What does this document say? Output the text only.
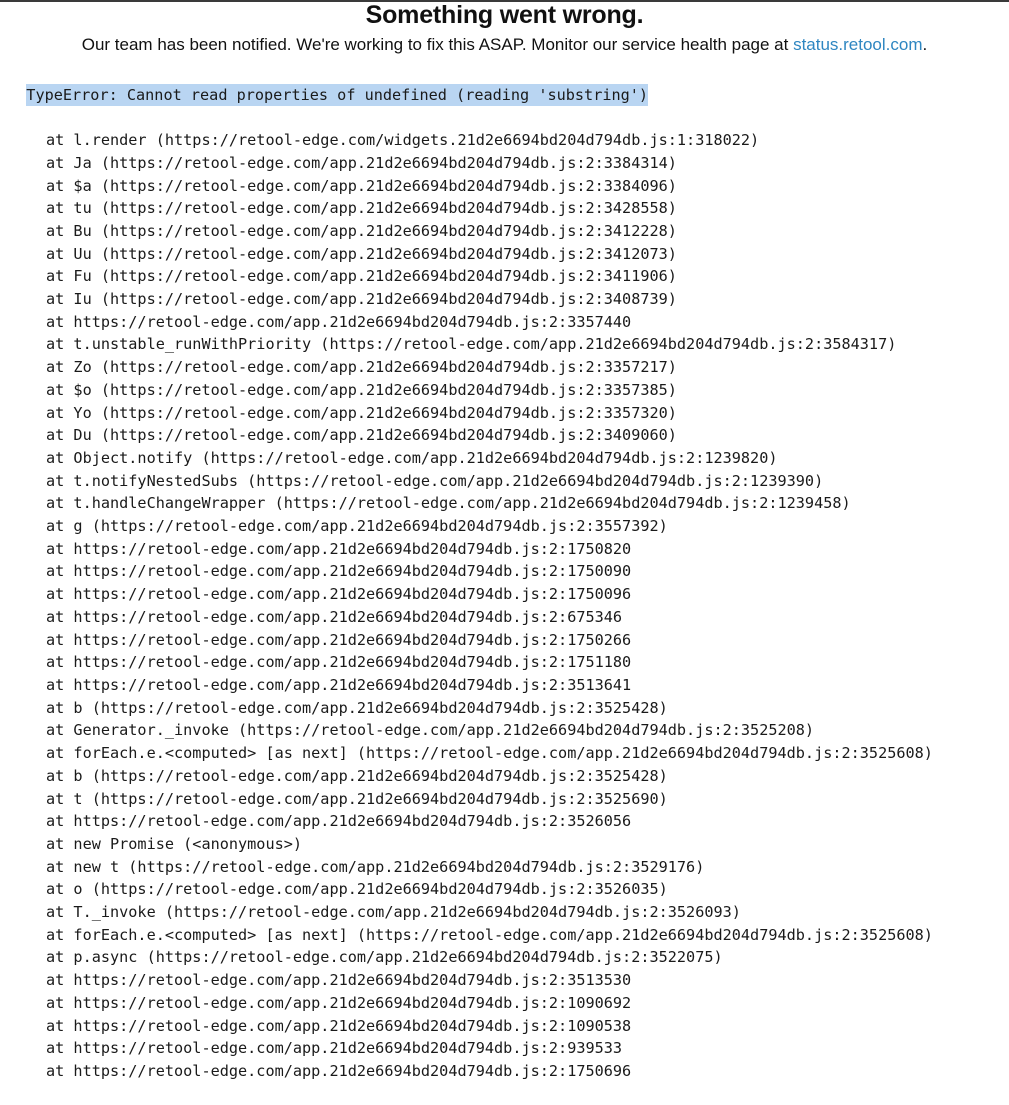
Something went wrong.

Our team has been notified. We're working to fix this ASAP. Monitor our service health page at status.retool.com.

TypeError: Cannot read properties of undefined (reading 'substring')

at l.render (https://retool-edge.com/widgets.21d2e6694bd204d794db.js:1:318022)
at Ja (https://retool-edge.com/app.21d2e6694bd204d794db.js:2:3384314)
at $a (https://retool-edge.com/app.21d2e6694bd204d794db.js:2:3384096)
at tu (https://retool-edge.com/app.21d2e6694bd204d794db.js:2:3428558)
at Bu (https://retool-edge.com/app.21d2e6694bd204d794db.js:2:3412228)
at Uu (https://retool-edge.com/app.21d2e6694bd204d794db.js:2:3412073)
at Fu (https://retool-edge.com/app.21d2e6694bd204d794db.js:2:3411906)
at Iu (https://retool-edge.com/app.21d2e6694bd204d794db.js:2:3408739)
at https://retool-edge.com/app.21d2e6694bd204d794db.js:2:3357440
at t.unstable_runWithPriority (https://retool-edge.com/app.21d2e6694bd204d794db.js:2:3584317)
at Zo (https://retool-edge.com/app.21d2e6694bd204d794db.js:2:3357217)
at $o (https://retool-edge.com/app.21d2e6694bd204d794db.js:2:3357385)
at Yo (https://retool-edge.com/app.21d2e6694bd204d794db.js:2:3357320)
at Du (https://retool-edge.com/app.21d2e6694bd204d794db.js:2:3409060)
at Object.notify (https://retool-edge.com/app.21d2e6694bd204d794db.js:2:1239820)
at t.notifyNestedSubs (https://retool-edge.com/app.21d2e6694bd204d794db.js:2:1239390)
at t.handleChangeWrapper (https://retool-edge.com/app.21d2e6694bd204d794db.js:2:1239458)
at g (https://retool-edge.com/app.21d2e6694bd204d794db.js:2:3557392)
at https://retool-edge.com/app.21d2e6694bd204d794db.js:2:1750820
at https://retool-edge.com/app.21d2e6694bd204d794db.js:2:1750090
at https://retool-edge.com/app.21d2e6694bd204d794db.js:2:1750096
at https://retool-edge.com/app.21d2e6694bd204d794db.js:2:675346
at https://retool-edge.com/app.21d2e6694bd204d794db.js:2:1750266
at https://retool-edge.com/app.21d2e6694bd204d794db.js:2:1751180
at https://retool-edge.com/app.21d2e6694bd204d794db.js:2:3513641
at b (https://retool-edge.com/app.21d2e6694bd204d794db.js:2:3525428)
at Generator._invoke (https://retool-edge.com/app.21d2e6694bd204d794db.js:2:3525208)
at forEach.e.<computed> [as next] (https://retool-edge.com/app.21d2e6694bd204d794db.js:2:3525608)
at b (https://retool-edge.com/app.21d2e6694bd204d794db.js:2:3525428)
at t (https://retool-edge.com/app.21d2e6694bd204d794db.js:2:3525690)
at https://retool-edge.com/app.21d2e6694bd204d794db.js:2:3526056
at new Promise (<anonymous>)
at new t (https://retool-edge.com/app.21d2e6694bd204d794db.js:2:3529176)
at o (https://retool-edge.com/app.21d2e6694bd204d794db.js:2:3526035)
at T._invoke (https://retool-edge.com/app.21d2e6694bd204d794db.js:2:3526093)
at forEach.e.<computed> [as next] (https://retool-edge.com/app.21d2e6694bd204d794db.js:2:3525608)
at p.async (https://retool-edge.com/app.21d2e6694bd204d794db.js:2:3522075)
at https://retool-edge.com/app.21d2e6694bd204d794db.js:2:3513530
at https://retool-edge.com/app.21d2e6694bd204d794db.js:2:1090692
at https://retool-edge.com/app.21d2e6694bd204d794db.js:2:1090538
at https://retool-edge.com/app.21d2e6694bd204d794db.js:2:939533
at https://retool-edge.com/app.21d2e6694bd204d794db.js:2:1750696
